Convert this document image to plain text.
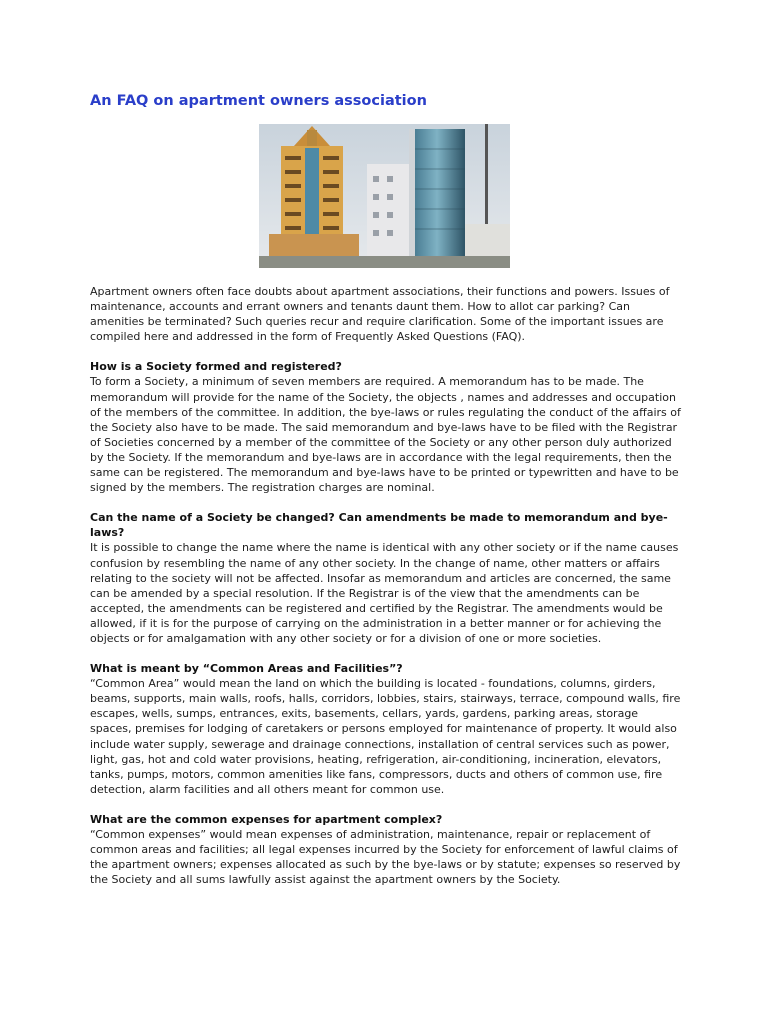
An FAQ on apartment owners association

Apartment owners often face doubts about apartment associations, their functions and powers. Issues of maintenance, accounts and errant owners and tenants daunt them. How to allot car parking? Can amenities be terminated? Such queries recur and require clarification. Some of the important issues are compiled here and addressed in the form of Frequently Asked Questions (FAQ).

How is a Society formed and registered?

To form a Society, a minimum of seven members are required. A memorandum has to be made. The memorandum will provide for the name of the Society, the objects , names and addresses and occupation of the members of the committee. In addition, the bye-laws or rules regulating the conduct of the affairs of the Society also have to be made. The said memorandum and bye-laws have to be filed with the Registrar of Societies concerned by a member of the committee of the Society or any other person duly authorized by the Society. If the memorandum and bye-laws are in accordance with the legal requirements, then the same can be registered. The memorandum and bye-laws have to be printed or typewritten and have to be signed by the members. The registration charges are nominal.

Can the name of a Society be changed? Can amendments be made to memorandum and bye-laws?

It is possible to change the name where the name is identical with any other society or if the name causes confusion by resembling the name of any other society. In the change of name, other matters or affairs relating to the society will not be affected. Insofar as memorandum and articles are concerned, the same can be amended by a special resolution. If the Registrar is of the view that the amendments can be accepted, the amendments can be registered and certified by the Registrar. The amendments would be allowed, if it is for the purpose of carrying on the administration in a better manner or for achieving the objects or for amalgamation with any other society or for a division of one or more societies.

What is meant by “Common Areas and Facilities”?

“Common Area” would mean the land on which the building is located - foundations, columns, girders, beams, supports, main walls, roofs, halls, corridors, lobbies, stairs, stairways, terrace, compound walls, fire escapes, wells, sumps, entrances, exits, basements, cellars, yards, gardens, parking areas, storage spaces, premises for lodging of caretakers or persons employed for maintenance of property. It would also include water supply, sewerage and drainage connections, installation of central services such as power, light, gas, hot and cold water provisions, heating, refrigeration, air-conditioning, incineration, elevators, tanks, pumps, motors, common amenities like fans, compressors, ducts and others of common use, fire detection, alarm facilities and all others meant for common use.

What are the common expenses for apartment complex?

“Common expenses” would mean expenses of administration, maintenance, repair or replacement of common areas and facilities; all legal expenses incurred by the Society for enforcement of lawful claims of the apartment owners; expenses allocated as such by the bye-laws or by statute; expenses so reserved by the Society and all sums lawfully assist against the apartment owners by the Society.
